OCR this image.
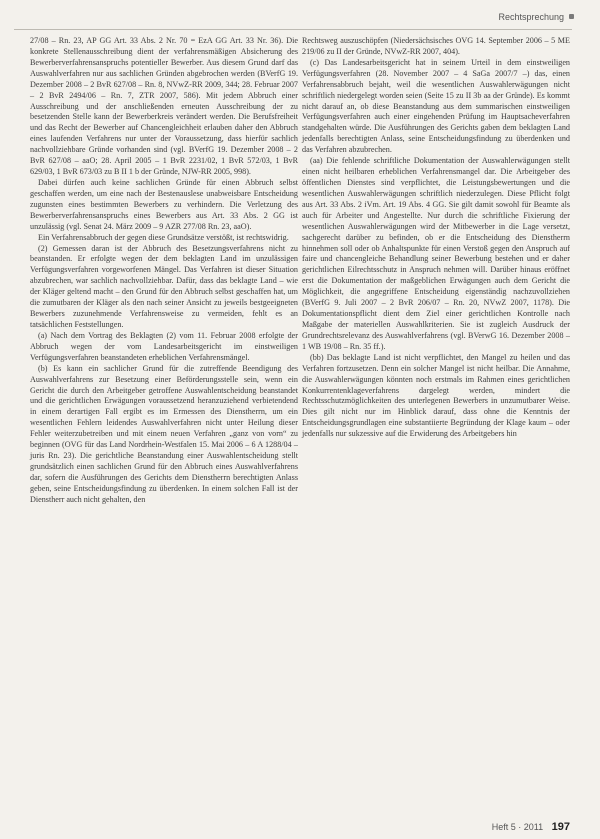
Rechtsprechung

27/08 – Rn. 23, AP GG Art. 33 Abs. 2 Nr. 70 = EzA GG Art. 33 Nr. 36). Die konkrete Stellenausschreibung dient der verfahrensmäßigen Absicherung des Bewerberverfahrensanspruchs potentieller Bewerber. Aus diesem Grund darf das Auswahlverfahren nur aus sachlichen Gründen abgebrochen werden (BVerfG 19. Dezember 2008 – 2 BvR 627/08 – Rn. 8, NVwZ-RR 2009, 344; 28. Februar 2007 – 2 BvR 2494/06 – Rn. 7, ZTR 2007, 586). Mit jedem Abbruch einer Ausschreibung und der anschließenden erneuten Ausschreibung der zu besetzenden Stelle kann der Bewerberkreis verändert werden. Die Berufsfreiheit und das Recht der Bewerber auf Chancengleichheit erlauben daher den Abbruch eines laufenden Verfahrens nur unter der Voraussetzung, dass hierfür sachlich nachvollziehbare Gründe vorhanden sind (vgl. BVerfG 19. Dezember 2008 – 2 BvR 627/08 – aaO; 28. April 2005 – 1 BvR 2231/02, 1 BvR 572/03, 1 BvR 629/03, 1 BvR 673/03 zu B II 1 b der Gründe, NJW-RR 2005, 998).

Dabei dürfen auch keine sachlichen Gründe für einen Abbruch selbst geschaffen werden, um eine nach der Bestenauslese unabweisbare Entscheidung zugunsten eines bestimmten Bewerbers zu verhindern. Die Verletzung des Bewerberverfahrensanspruchs eines Bewerbers aus Art. 33 Abs. 2 GG ist unzulässig (vgl. Senat 24. März 2009 – 9 AZR 277/08 Rn. 23, aaO).

Ein Verfahrensabbruch der gegen diese Grundsätze verstößt, ist rechtswidrig.

(2) Gemessen daran ist der Abbruch des Besetzungsverfahrens nicht zu beanstanden. Er erfolgte wegen der dem beklagten Land im unzulässigen Verfügungsverfahren vorgeworfenen Mängel. Das Verfahren ist dieser Situation abzubrechen, war sachlich nachvollziehbar. Dafür, dass das beklagte Land – wie der Kläger geltend macht – den Grund für den Abbruch selbst geschaffen hat, um die zumutbaren der Kläger als den nach seiner Ansicht zu jeweils bestgeeigneten Bewerbers zuzunehmende Verfahrensweise zu vermeiden, fehlt es an tatsächlichen Feststellungen.

(a) Nach dem Vortrag des Beklagten (2) vom 11. Februar 2008 erfolgte der Abbruch wegen der vom Landesarbeitsgericht im einstweiligen Verfügungsverfahren beanstandeten erheblichen Verfahrensmängel.

(b) Es kann ein sachlicher Grund für die zutreffende Beendigung des Auswahlverfahrens zur Besetzung einer Beförderungsstelle sein, wenn ein Gericht die durch den Arbeitgeber getroffene Auswahlentscheidung beanstandet und die gerichtlichen Erwägungen voraussetzend heranzuziehend verbietendend in einem derartigen Fall ergibt es im Ermessen des Dienstherrn, um ein wesentlichen Fehlern leidendes Auswahlverfahren nicht unter Heilung dieser Fehler weiterzubetreiben und mit einem neuen Verfahren „ganz von vorn“ zu beginnen (OVG für das Land Nordrhein-Westfalen 15. Mai 2006 – 6 A 1288/04 – juris Rn. 23). Die gerichtliche Beanstandung einer Auswahlentscheidung stellt grundsätzlich einen sachlichen Grund für den Abbruch eines Auswahlverfahrens dar, sofern die Ausführungen des Gerichts dem Dienstherrn berechtigten Anlass geben, seine Entscheidungsfindung zu überdenken. In einem solchen Fall ist der Dienstherr auch nicht gehalten, den

Rechtsweg auszuschöpfen (Niedersächsisches OVG 14. September 2006 – 5 ME 219/06 zu II der Gründe, NVwZ-RR 2007, 404).

(c) Das Landesarbeitsgericht hat in seinem Urteil in dem einstweiligen Verfügungsverfahren (28. November 2007 – 4 SaGa 2007/7 –) das, einen Verfahrensabbruch bejaht, weil die wesentlichen Auswahlerwägungen nicht schriftlich niedergelegt worden seien (Seite 15 zu II 3b aa der Gründe). Es kommt nicht darauf an, ob diese Beanstandung aus dem summarischen einstweiligen Verfügungsverfahren auch einer eingehenden Prüfung im Hauptsacheverfahren standgehalten würde. Die Ausführungen des Gerichts gaben dem beklagten Land jedenfalls berechtigten Anlass, seine Entscheidungsfindung zu überdenken und das Verfahren abzubrechen.

(aa) Die fehlende schriftliche Dokumentation der Auswahlerwägungen stellt einen nicht heilbaren erheblichen Verfahrensmangel dar. Die Arbeitgeber des öffentlichen Dienstes sind verpflichtet, die Leistungsbewertungen und die wesentlichen Auswahlerwägungen schriftlich niederzulegen. Diese Pflicht folgt aus Art. 33 Abs. 2 iVm. Art. 19 Abs. 4 GG. Sie gilt damit sowohl für Beamte als auch für Arbeiter und Angestellte. Nur durch die schriftliche Fixierung der wesentlichen Auswahlerwägungen wird der Mitbewerber in die Lage versetzt, sachgerecht darüber zu befinden, ob er die Entscheidung des Dienstherrn hinnehmen soll oder ob Anhaltspunkte für einen Verstoß gegen den Anspruch auf faire und chancengleiche Behandlung seiner Bewerbung bestehen und er daher gerichtlichen Eilrechtsschutz in Anspruch nehmen will. Darüber hinaus eröffnet erst die Dokumentation der maßgeblichen Erwägungen auch dem Gericht die Möglichkeit, die angegriffene Entscheidung eigenständig nachzuvollziehen (BVerfG 9. Juli 2007 – 2 BvR 206/07 – Rn. 20, NVwZ 2007, 1178). Die Dokumentationspflicht dient dem Ziel einer gerichtlichen Kontrolle nach Maßgabe der materiellen Auswahlkriterien. Sie ist zugleich Ausdruck der Grundrechtsrelevanz des Auswahlverfahrens (vgl. BVerwG 16. Dezember 2008 – 1 WB 19/08 – Rn. 35 ff.).

(bb) Das beklagte Land ist nicht verpflichtet, den Mangel zu heilen und das Verfahren fortzusetzen. Denn ein solcher Mangel ist nicht heilbar. Die Annahme, die Auswahlerwägungen könnten noch erstmals im Rahmen eines gerichtlichen Konkurrentenklageverfahrens dargelegt werden, mindert die Rechtsschutzmöglichkeiten des unterlegenen Bewerbers in unzumutbarer Weise. Dies gilt nicht nur im Hinblick darauf, dass ohne die Kenntnis der Entscheidungsgrundlagen eine substantiierte Begründung der Klage kaum – oder jedenfalls nur sukzessive auf die Erwiderung des Arbeitgebers hin

Heft 5 · 2011 197
